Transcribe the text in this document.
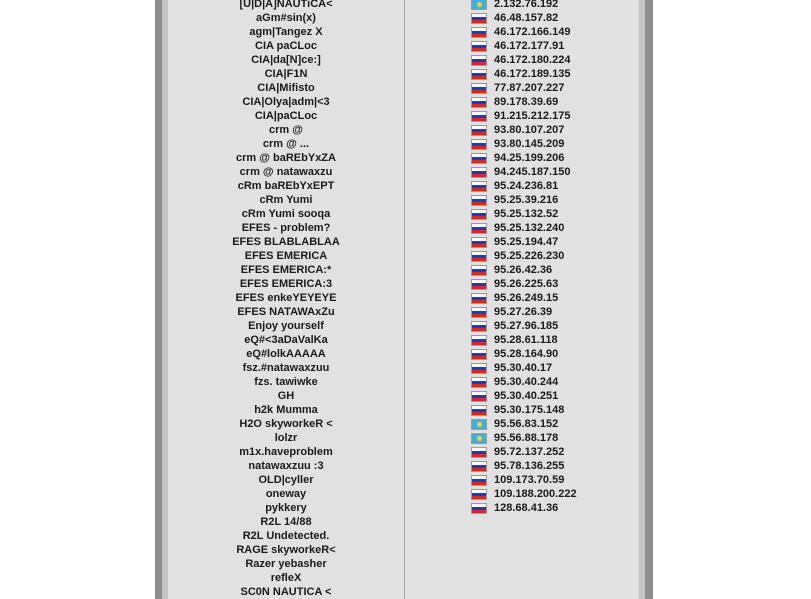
[U|D|A]NAUTiCA<
aGm#sin(x)
agm|Tangez X
CIA paCLoc
CIA|da[N]ce:]
CIA|F1N
CIA|Mifisto
CIA|Olya|adm|<3
CIA|paCLoc
crm @
crm @ ...
crm @ baREbYxZA
crm @ natawaxzu
cRm baREbYxEPT
cRm Yumi
cRm Yumi sooqa
EFES - problem?
EFES BLABLABLAA
EFES EMERICA
EFES EMERICA:*
EFES EMERICA:3
EFES enkeYEYEYE
EFES NATAWAxZu
Enjoy yourself
eQ#<3aDaValKa
eQ#lolkAAAAA
fsz.#natawaxzuu
fzs. tawiwke
GH
h2k Mumma
H2O skyworkeR <
lolzr
m1x.haveproblem
natawaxzuu :3
OLD|cyller
oneway
pykkery
R2L 14/88
R2L Undetected.
RAGE skyworkeR<
Razer yebasher
refleX
SC0N NAUTICA <
2.132.76.192
46.48.157.82
46.172.166.149
46.172.177.91
46.172.180.224
46.172.189.135
77.87.207.227
89.178.39.69
91.215.212.175
93.80.107.207
93.80.145.209
94.25.199.206
94.245.187.150
95.24.236.81
95.25.39.216
95.25.132.52
95.25.132.240
95.25.194.47
95.25.226.230
95.26.42.36
95.26.225.63
95.26.249.15
95.27.26.39
95.27.96.185
95.28.61.118
95.28.164.90
95.30.40.17
95.30.40.244
95.30.40.251
95.30.175.148
95.56.83.152
95.56.88.178
95.72.137.252
95.78.136.255
109.173.70.59
109.188.200.222
128.68.41.36
